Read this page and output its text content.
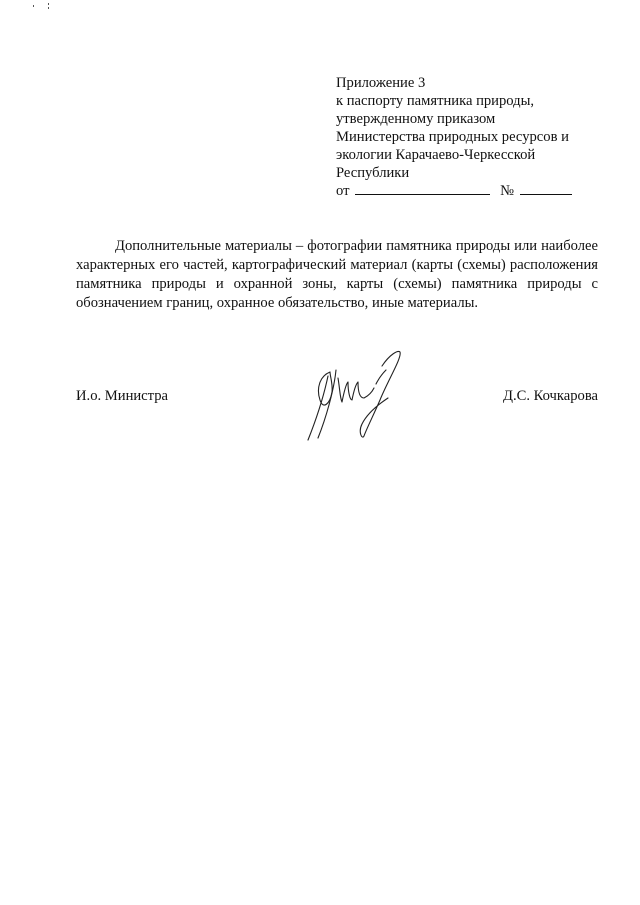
Приложение 3
к паспорту памятника природы,
утвержденному приказом
Министерства природных ресурсов и
экологии Карачаево-Черкесской
Республики
от	№

Дополнительные материалы – фотографии памятника природы или наиболее характерных его частей, картографический материал (карты (схемы) расположения памятника природы и охранной зоны, карты (схемы) памятника природы с обозначением границ, охранное обязательство, иные материалы.

И.о. Министра	Д.С. Кочкарова
